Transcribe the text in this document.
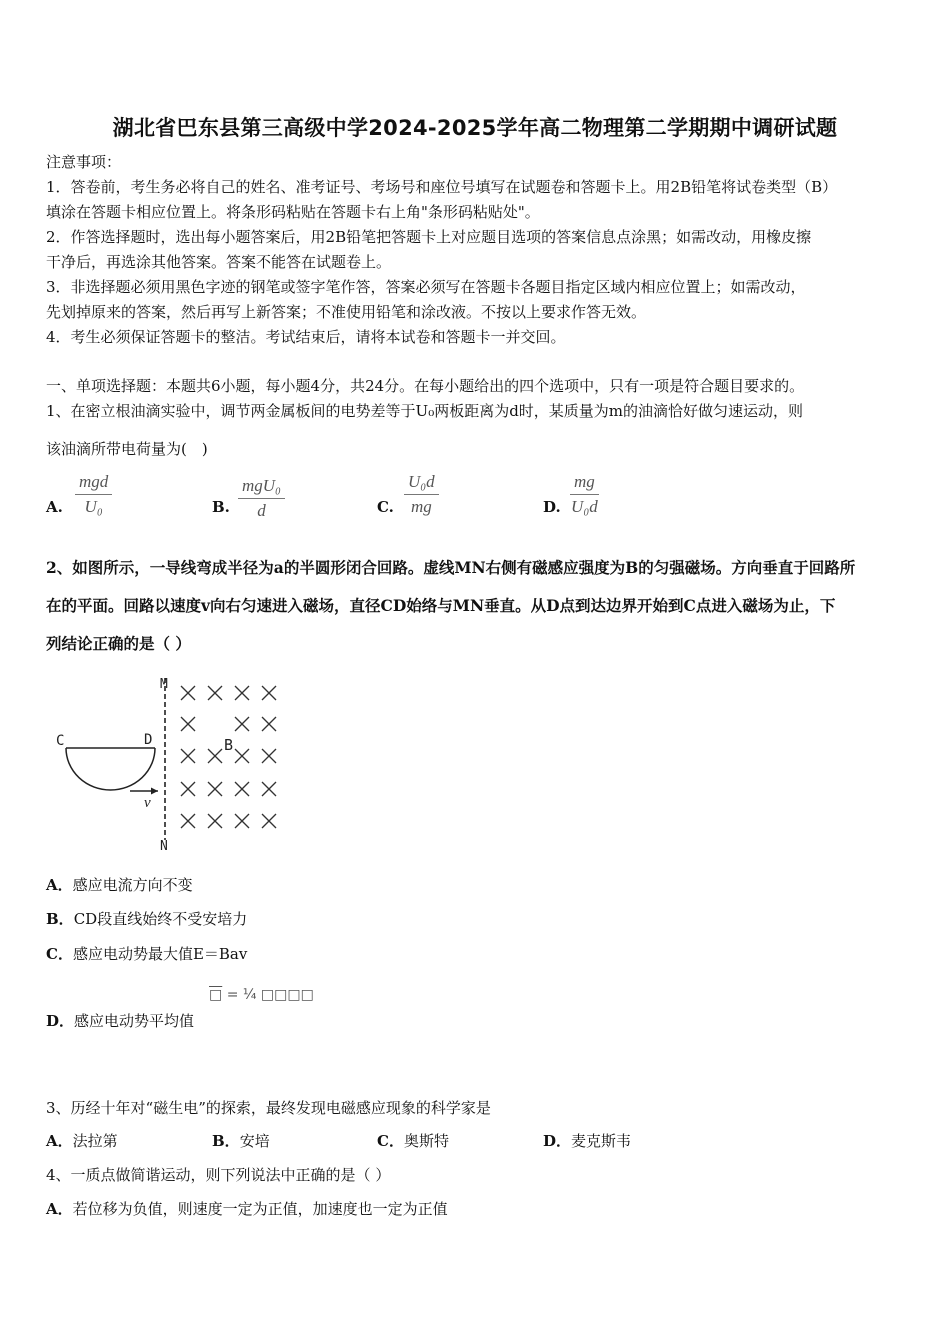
湖北省巴东县第三高级中学2024-2025学年高二物理第二学期期中调研试题
注意事项：
1．答卷前，考生务必将自己的姓名、准考证号、考场号和座位号填写在试题卷和答题卡上。用2B铅笔将试卷类型（B）
填涂在答题卡相应位置上。将条形码粘贴在答题卡右上角"条形码粘贴处"。
2．作答选择题时，选出每小题答案后，用2B铅笔把答题卡上对应题目选项的答案信息点涂黑；如需改动，用橡皮擦
干净后，再选涂其他答案。答案不能答在试题卷上。
3．非选择题必须用黑色字迹的钢笔或签字笔作答，答案必须写在答题卡各题目指定区域内相应位置上；如需改动，
先划掉原来的答案，然后再写上新答案；不准使用铅笔和涂改液。不按以上要求作答无效。
4．考生必须保证答题卡的整洁。考试结束后，请将本试卷和答题卡一并交回。
一、单项选择题：本题共6小题，每小题4分，共24分。在每小题给出的四个选项中，只有一项是符合题目要求的。
1、在密立根油滴实验中，调节两金属板间的电势差等于U₀两板距离为d时，某质量为m的油滴恰好做匀速运动，则
该油滴所带电荷量为(　)
A.
mgd
U₀	B.
mgU₀
d	C. $\frac{\text{U₀d}}{mg}$	D. $\frac{mg}{\text{U₀d}}$
2、如图所示，一导线弯成半径为a的半圆形闭合回路。虚线MN右侧有磁感应强度为B的匀强磁场。方向垂直于回路所
在的平面。回路以速度v向右匀速进入磁场，直径CD始络与MN垂直。从D点到达边界开始到C点进入磁场为止，下
列结论正确的是（ ）
M
N
C	D
v
B
A．感应电流方向不变
B．CD段直线始终不受安培力
C．感应电动势最大值E＝Bav
D．感应电动势平均值
□ = ¼ □□□□
3、历经十年对“磁生电”的探索，最终发现电磁感应现象的科学家是
A．法拉第	B．安培	C．奥斯特	D．麦克斯韦
4、一质点做简谐运动，则下列说法中正确的是（ ）
A．若位移为负值，则速度一定为正值，加速度也一定为正值
